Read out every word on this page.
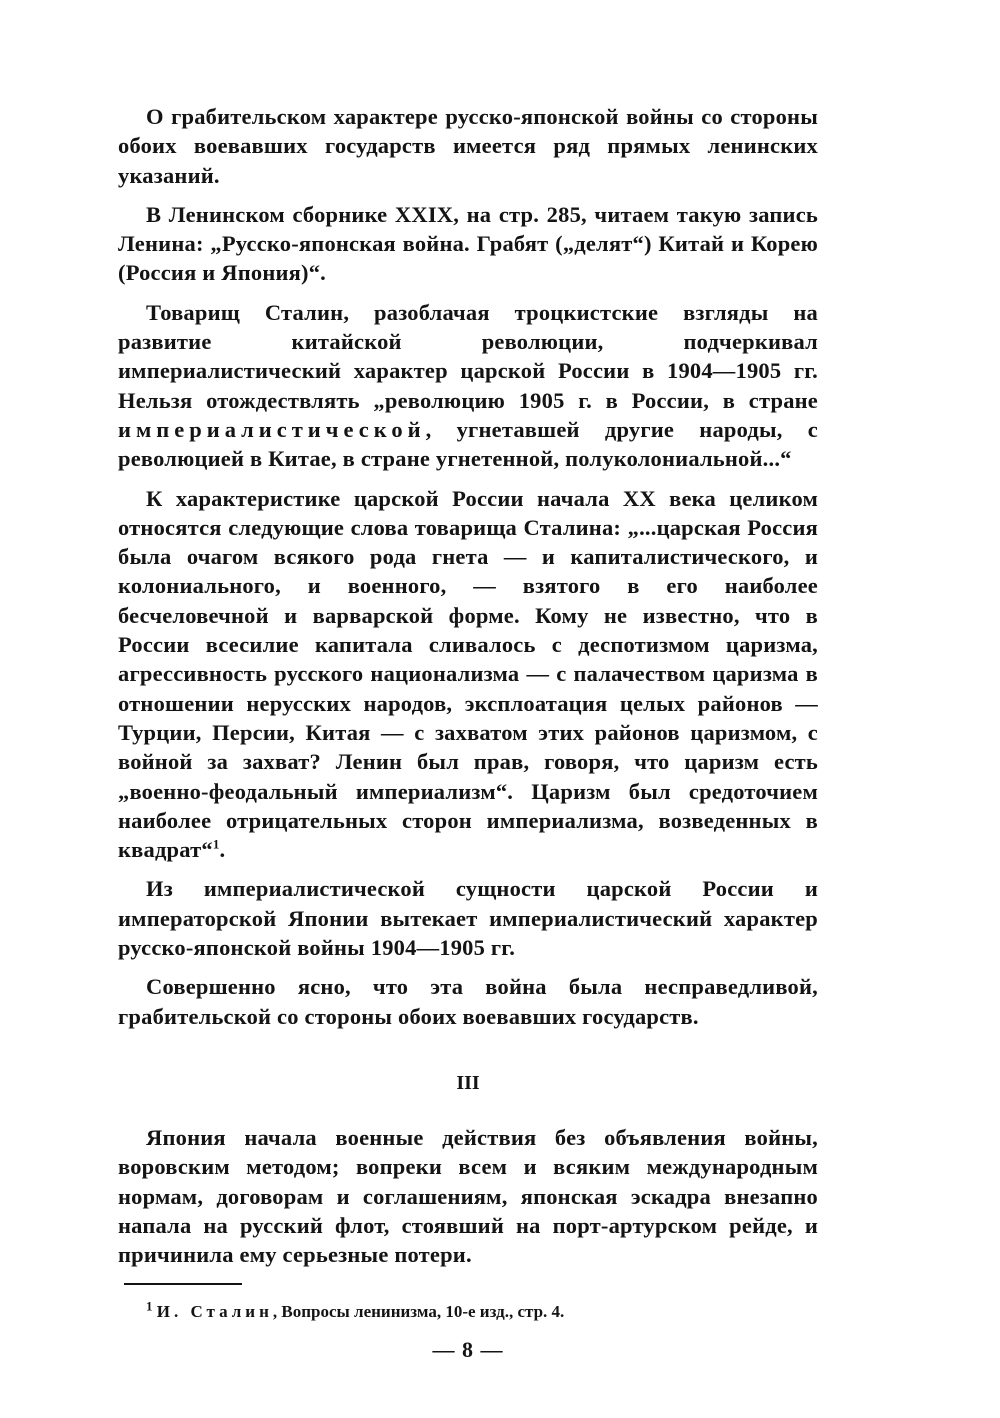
О грабительском характере русско-японской войны со стороны обоих воевавших государств имеется ряд прямых ленинских указаний.

В Ленинском сборнике XXIX, на стр. 285, читаем такую запись Ленина: „Русско-японская война. Грабят („делят“) Китай и Корею (Россия и Япония)“.

Товарищ Сталин, разоблачая троцкистские взгляды на развитие китайской революции, подчеркивал империалистический характер царской России в 1904—1905 гг. Нельзя отождествлять „революцию 1905 г. в России, в стране империалистической, угнетавшей другие народы, с революцией в Китае, в стране угнетенной, полуколониальной...“

К характеристике царской России начала XX века целиком относятся следующие слова товарища Сталина: „...царская Россия была очагом всякого рода гнета — и капиталистического, и колониального, и военного, — взятого в его наиболее бесчеловечной и варварской форме. Кому не известно, что в России всесилие капитала сливалось с деспотизмом царизма, агрессивность русского национализма — с палачеством царизма в отношении нерусских народов, эксплоатация целых районов — Турции, Персии, Китая — с захватом этих районов царизмом, с войной за захват? Ленин был прав, говоря, что царизм есть „военно-феодальный империализм“. Царизм был средоточием наиболее отрицательных сторон империализма, возведенных в квадрат“$^1$.

Из империалистической сущности царской России и императорской Японии вытекает империалистический характер русско-японской войны 1904—1905 гг.

Совершенно ясно, что эта война была несправедливой, грабительской со стороны обоих воевавших государств.

III

Япония начала военные действия без объявления войны, воровским методом; вопреки всем и всяким международным нормам, договорам и соглашениям, японская эскадра внезапно напала на русский флот, стоявший на порт-артурском рейде, и причинила ему серьезные потери.

$^1$ И. Сталин, Вопросы ленинизма, 10-е изд., стр. 4.

— 8 —
